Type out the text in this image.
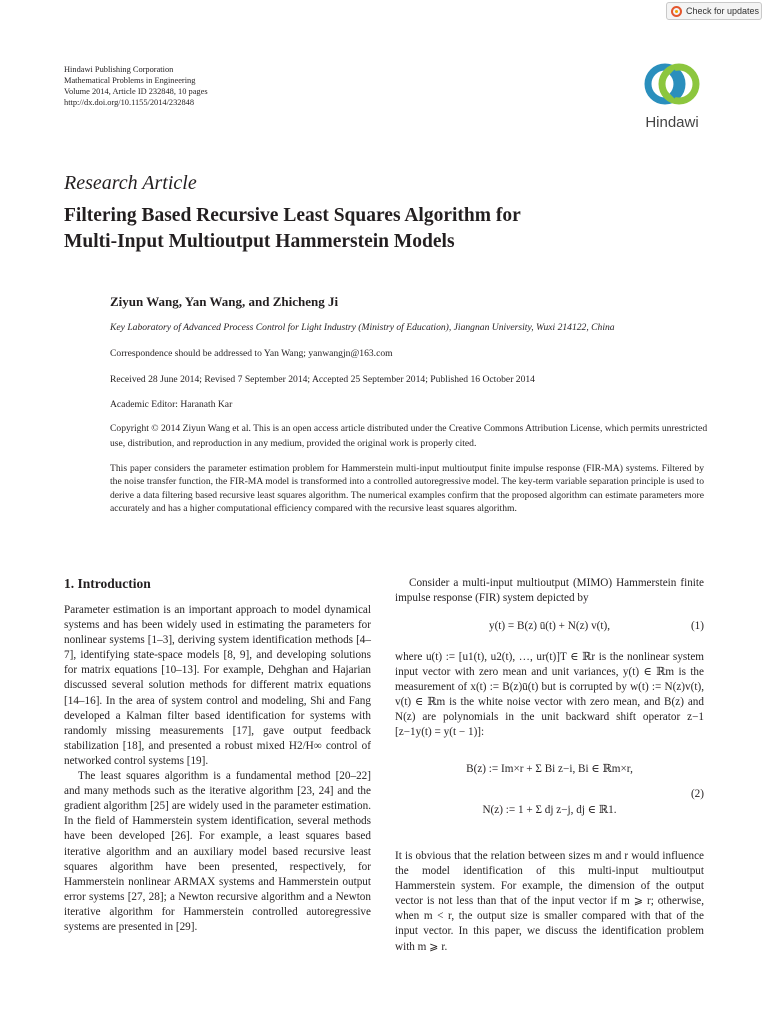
Check for updates
Hindawi Publishing Corporation
Mathematical Problems in Engineering
Volume 2014, Article ID 232848, 10 pages
http://dx.doi.org/10.1155/2014/232848
Hindawi
Research Article
Filtering Based Recursive Least Squares Algorithm for
Multi-Input Multioutput Hammerstein Models
Ziyun Wang, Yan Wang, and Zhicheng Ji
Key Laboratory of Advanced Process Control for Light Industry (Ministry of Education), Jiangnan University, Wuxi 214122, China
Correspondence should be addressed to Yan Wang; yanwangjn@163.com
Received 28 June 2014; Revised 7 September 2014; Accepted 25 September 2014; Published 16 October 2014
Academic Editor: Haranath Kar
Copyright © 2014 Ziyun Wang et al. This is an open access article distributed under the Creative Commons Attribution License, which permits unrestricted use, distribution, and reproduction in any medium, provided the original work is properly cited.
This paper considers the parameter estimation problem for Hammerstein multi-input multioutput finite impulse response (FIR-MA) systems. Filtered by the noise transfer function, the FIR-MA model is transformed into a controlled autoregressive model. The key-term variable separation principle is used to derive a data filtering based recursive least squares algorithm. The numerical examples confirm that the proposed algorithm can estimate parameters more accurately and has a higher computational efficiency compared with the recursive least squares algorithm.
1. Introduction

Parameter estimation is an important approach to model dynamical systems and has been widely used in estimating the parameters for nonlinear systems [1–3], deriving system identification methods [4–7], identifying state-space models [8, 9], and developing solutions for matrix equations [10–13]. For example, Dehghan and Hajarian discussed several solution methods for different matrix equations [14–16]. In the area of system control and modeling, Shi and Fang developed a Kalman filter based identification for systems with randomly missing measurements [17], gave output feedback stabilization [18], and presented a robust mixed H2/H∞ control of networked control systems [19].

The least squares algorithm is a fundamental method [20–22] and many methods such as the iterative algorithm [23, 24] and the gradient algorithm [25] are widely used in the parameter estimation. In the field of Hammerstein system identification, several methods have been developed [26]. For example, a least squares based iterative algorithm and an auxiliary model based recursive least squares algorithm have been presented, respectively, for Hammerstein nonlinear ARMAX systems and Hammerstein output error systems [27, 28]; a Newton recursive algorithm and a Newton iterative algorithm for Hammerstein controlled autoregressive systems are presented in [29].

Consider a multi-input multioutput (MIMO) Hammerstein finite impulse response (FIR) system depicted by
y(t) = B(z) ū(t) + N(z) v(t),	(1)
where u(t) := [u1(t), u2(t), …, ur(t)]T ∈ ℝr is the nonlinear system input vector with zero mean and unit variances, y(t) ∈ ℝm is the measurement of x(t) := B(z)ū(t) but is corrupted by w(t) := N(z)v(t), v(t) ∈ ℝm is the white noise vector with zero mean, and B(z) and N(z) are polynomials in the unit backward shift operator z−1 [z−1y(t) = y(t − 1)]:
B(z) := Im×r + Σ Bi z−i, Bi ∈ ℝm×r,
N(z) := 1 + Σ dj z−j, dj ∈ ℝ1.
(2)
It is obvious that the relation between sizes m and r would influence the model identification of this multi-input multioutput Hammerstein system. For example, the dimension of the output vector is not less than that of the input vector if m ⩾ r; otherwise, when m < r, the output size is smaller compared with that of the input vector. In this paper, we discuss the identification problem with m ⩾ r.
